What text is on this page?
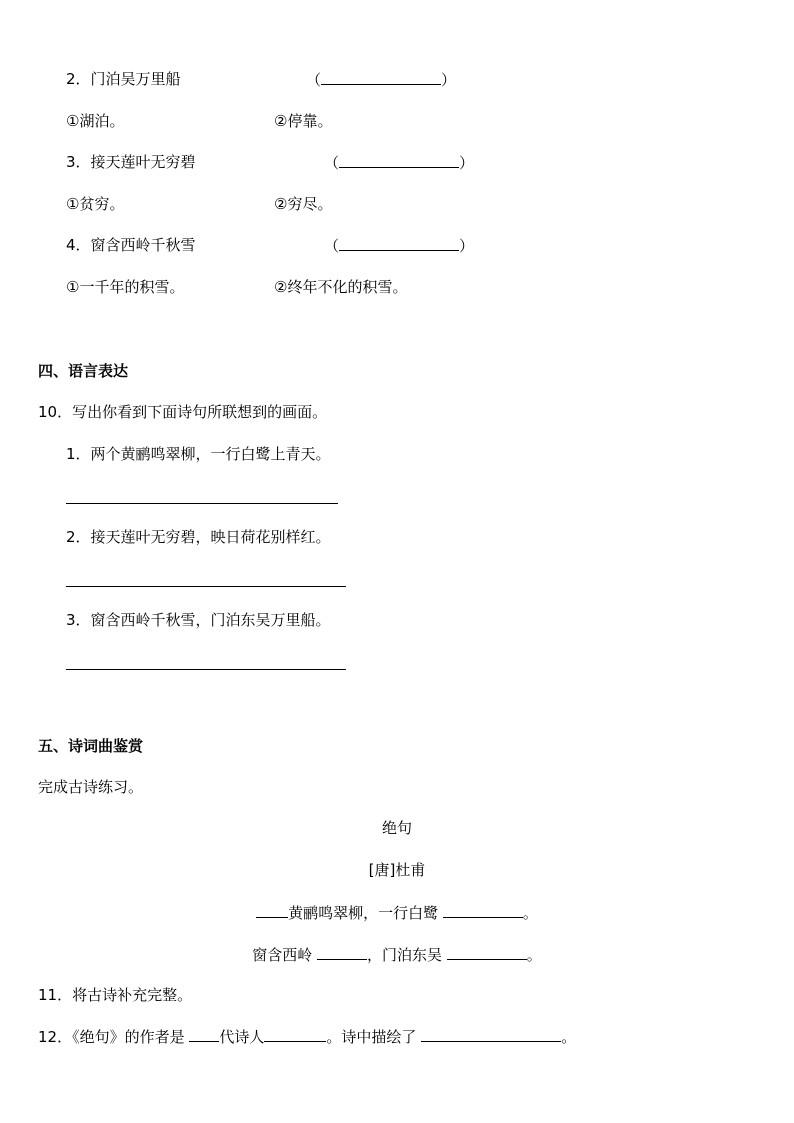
2．门泊吴万里船	（	）
①湖泊。	②停靠。
3．接天莲叶无穷碧	（	）
①贫穷。	②穷尽。
4．窗含西岭千秋雪	（	）
①一千年的积雪。	②终年不化的积雪。
四、语言表达
10．写出你看到下面诗句所联想到的画面。
1．两个黄鹂鸣翠柳，一行白鹭上青天。
2．接天莲叶无穷碧，映日荷花别样红。
3．窗含西岭千秋雪，门泊东吴万里船。
五、诗词曲鉴赏
完成古诗练习。
绝句
[唐]杜甫
黄鹂鸣翠柳，一行白鹭	。
窗含西岭	，门泊东吴	。
11．将古诗补充完整。
12．《绝句》的作者是 代诗人	。诗中描绘了	。
